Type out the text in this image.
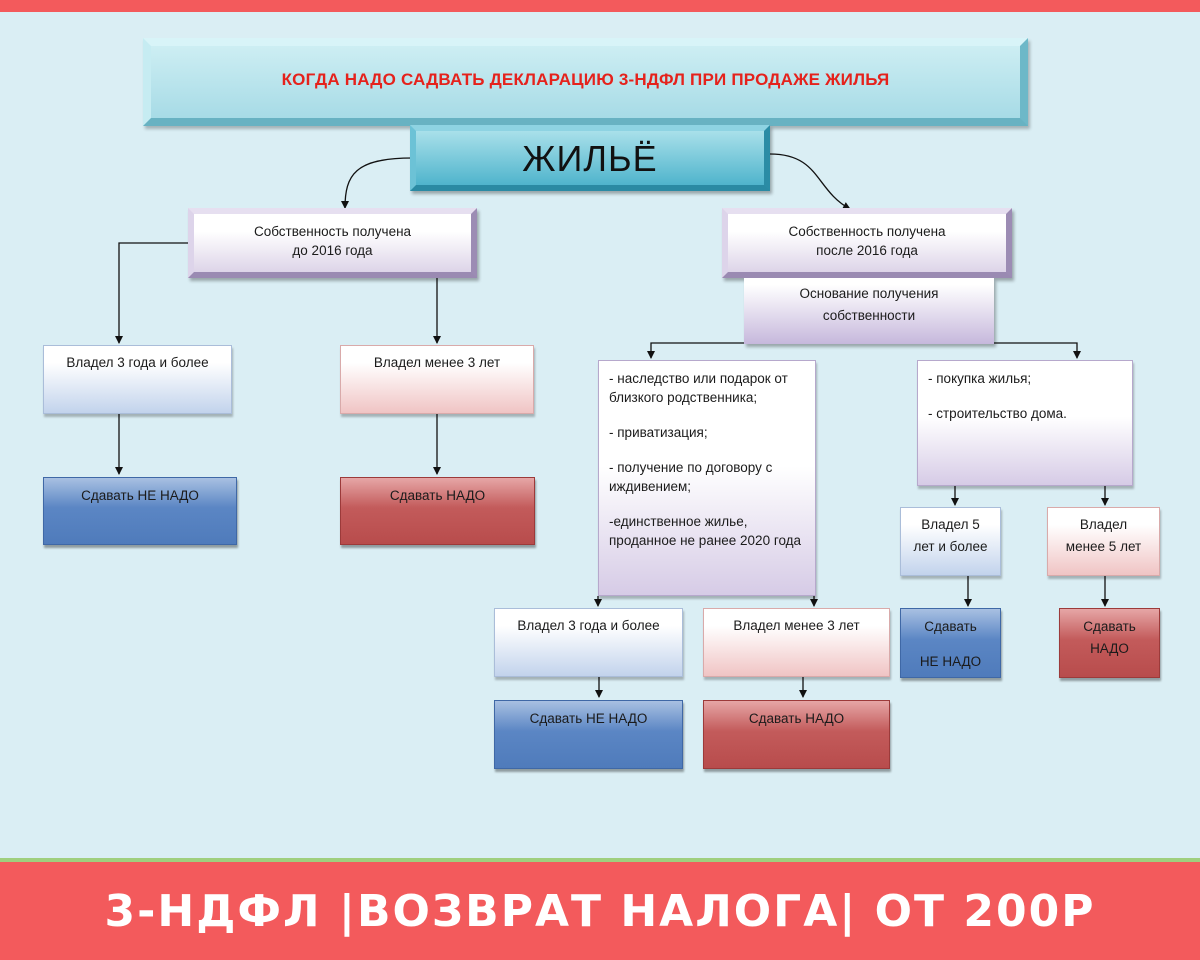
КОГДА НАДО САДВАТЬ ДЕКЛАРАЦИЮ 3-НДФЛ ПРИ ПРОДАЖЕ ЖИЛЬЯ
ЖИЛЬЁ
Собственность получена
до 2016 года
Владел 3 года и более	Владел менее 3 лет
Сдавать НЕ НАДО	Сдавать НАДО
Собственность получена
после 2016 года
Основание получения
собственности
- наследство или подарок от близкого родственника;
- приватизация;
- получение по договору с иждивением;
-единственное жилье, проданное не ранее 2020 года
- покупка жилья;
- строительство дома.
Владел 3 года и более	Владел менее 3 лет
Сдавать НЕ НАДО	Сдавать НАДО
Владел 5
лет и более
Владел
менее 5 лет
Сдавать
НЕ НАДО
Сдавать
НАДО
3-НДФЛ |ВОЗВРАТ НАЛОГА| ОТ 200Р
